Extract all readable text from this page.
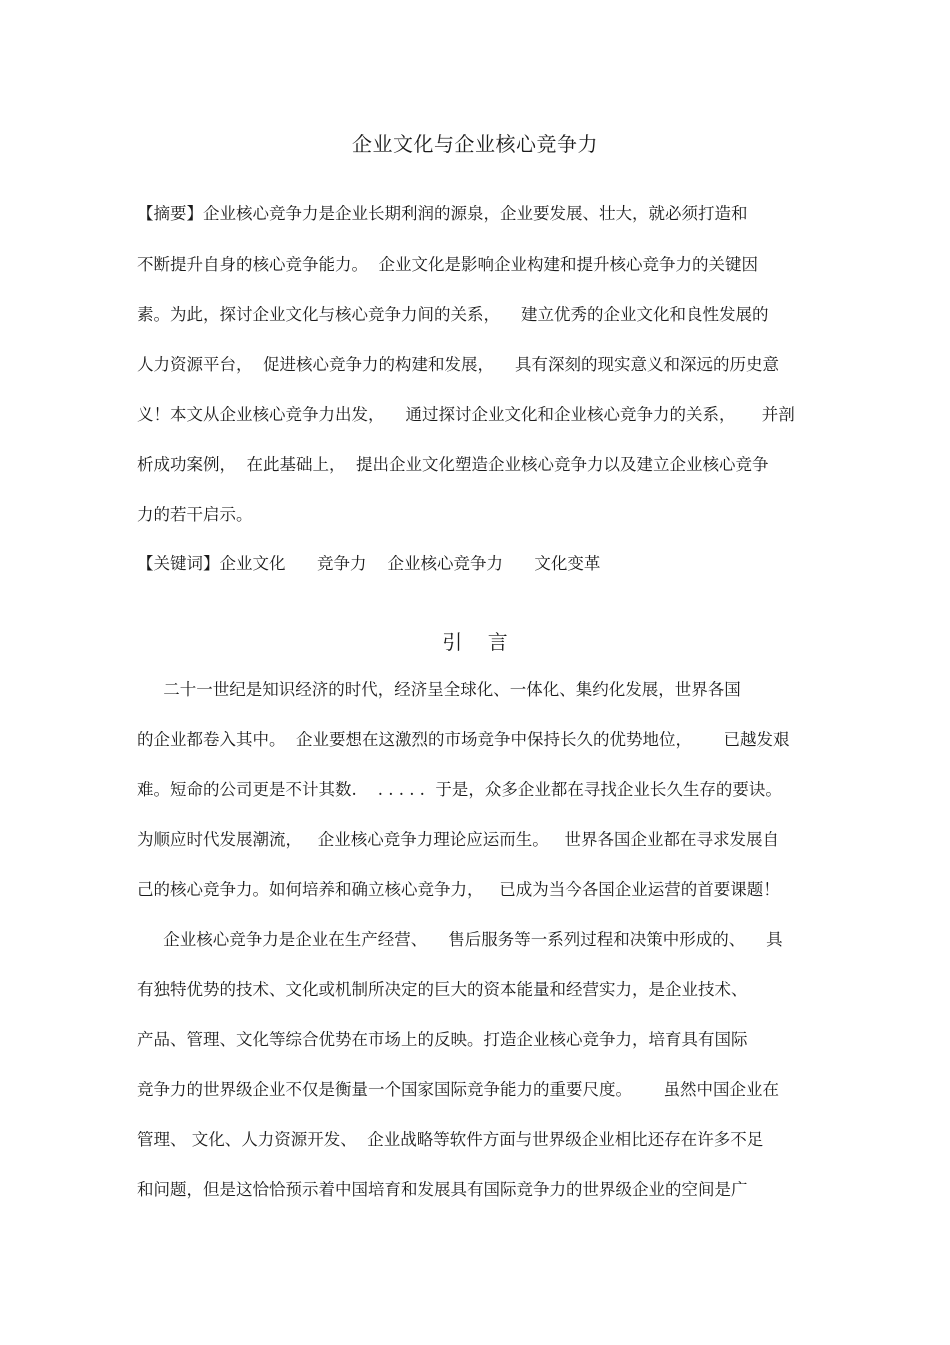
企业文化与企业核心竞争力
【摘要】企业核心竞争力是企业长期利润的源泉，企业要发展、壮大，就必须打造和
不断提升自身的核心竞争能力。  企业文化是影响企业构建和提升核心竞争力的关键因
素。为此，探讨企业文化与核心竞争力间的关系，    建立优秀的企业文化和良性发展的
人力资源平台，  促进核心竞争力的构建和发展，    具有深刻的现实意义和深远的历史意
义！本文从企业核心竞争力出发，    通过探讨企业文化和企业核心竞争力的关系，     并剖
析成功案例，  在此基础上，  提出企业文化塑造企业核心竞争力以及建立企业核心竞争
力的若干启示。
【关键词】企业文化      竞争力    企业核心竞争力      文化变革
引    言
二十一世纪是知识经济的时代，经济呈全球化、一体化、集约化发展，世界各国
的企业都卷入其中。  企业要想在这激烈的市场竞争中保持长久的优势地位，      已越发艰
难。短命的公司更是不计其数.    . . . . .  于是，众多企业都在寻找企业长久生存的要诀。
为顺应时代发展潮流，   企业核心竞争力理论应运而生。   世界各国企业都在寻求发展自
己的核心竞争力。如何培养和确立核心竞争力，   已成为当今各国企业运营的首要课题！
企业核心竞争力是企业在生产经营、    售后服务等一系列过程和决策中形成的、    具
有独特优势的技术、文化或机制所决定的巨大的资本能量和经营实力，是企业技术、
产品、管理、文化等综合优势在市场上的反映。打造企业核心竞争力，培育具有国际
竞争力的世界级企业不仅是衡量一个国家国际竞争能力的重要尺度。      虽然中国企业在
管理、 文化、人力资源开发、  企业战略等软件方面与世界级企业相比还存在许多不足
和问题，但是这恰恰预示着中国培育和发展具有国际竞争力的世界级企业的空间是广
